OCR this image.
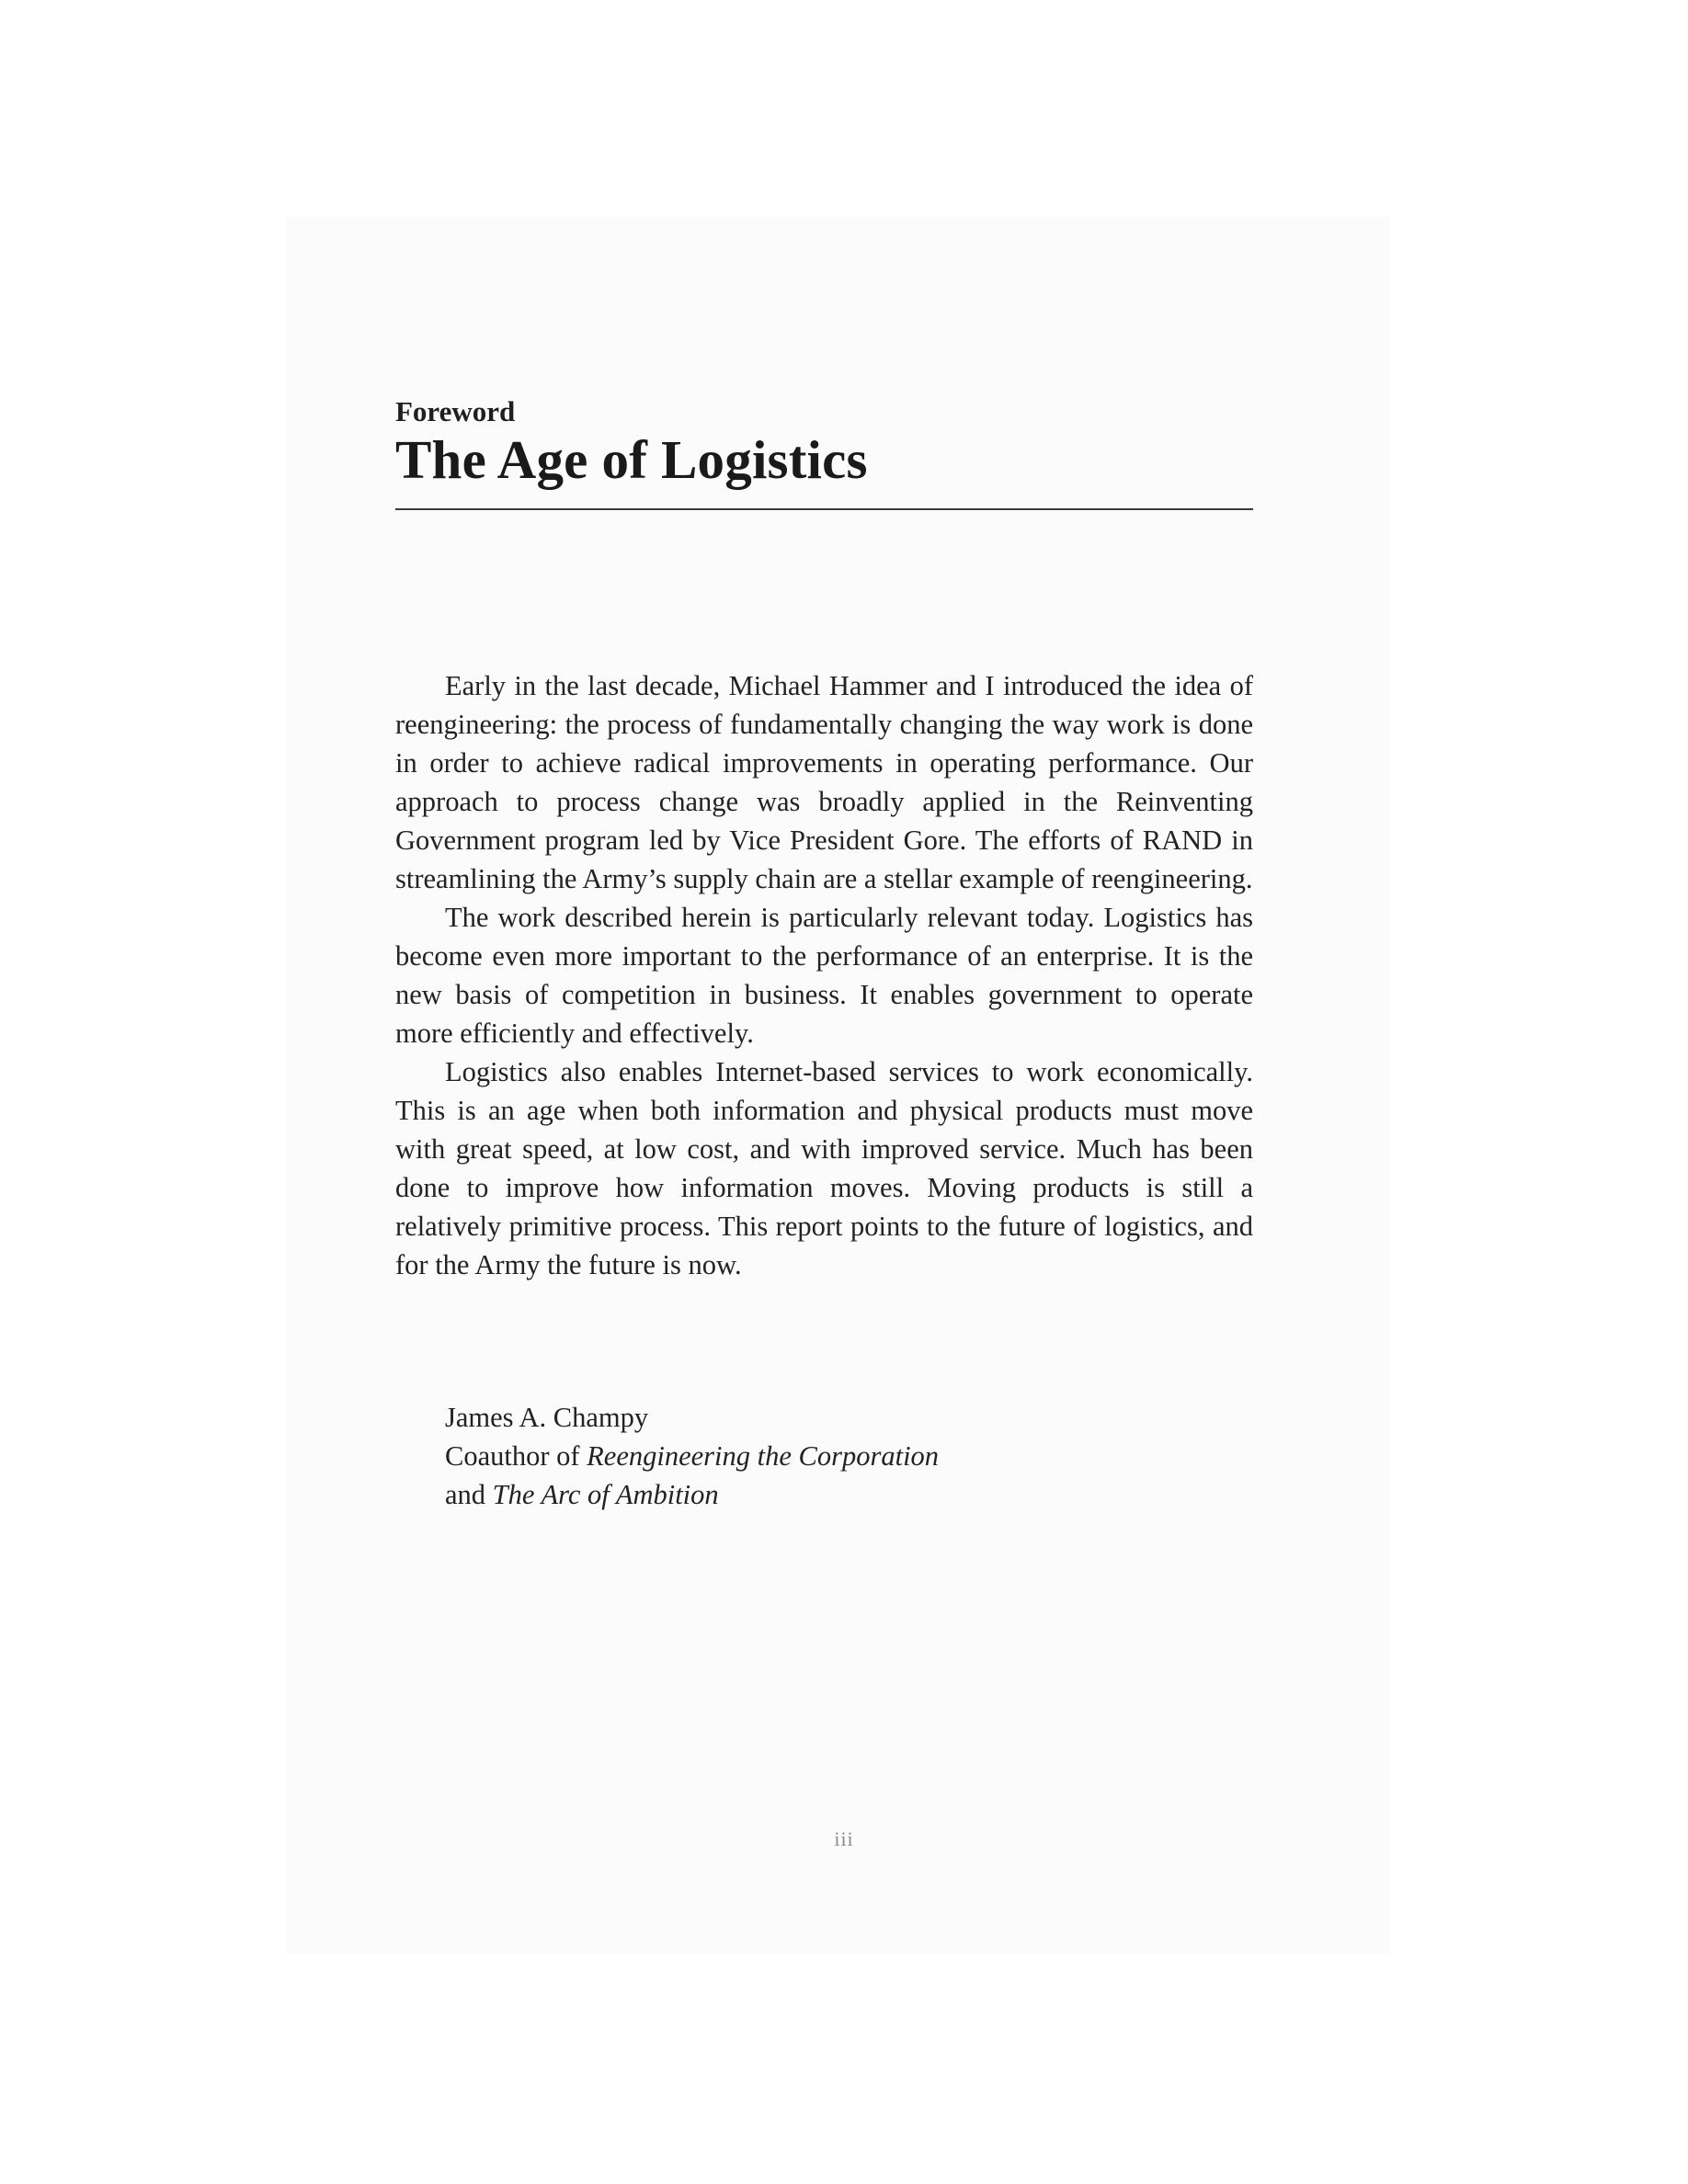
Foreword
The Age of Logistics

Early in the last decade, Michael Hammer and I introduced the idea of reengineering: the process of fundamentally changing the way work is done in order to achieve radical improvements in operating performance. Our approach to process change was broadly applied in the Reinventing Government program led by Vice President Gore. The efforts of RAND in streamlining the Army’s supply chain are a stellar example of reengineering.

The work described herein is particularly relevant today. Logistics has become even more important to the performance of an enterprise. It is the new basis of competition in business. It enables government to operate more efficiently and effectively.

Logistics also enables Internet-based services to work economically. This is an age when both information and physical products must move with great speed, at low cost, and with improved service. Much has been done to improve how information moves. Moving products is still a relatively primitive process. This report points to the future of logistics, and for the Army the future is now.

James A. Champy
Coauthor of Reengineering the Corporation
and The Arc of Ambition
iii
